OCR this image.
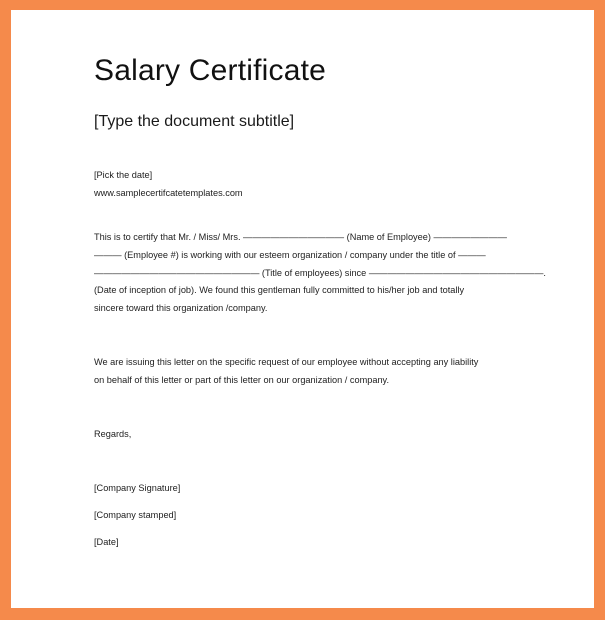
Salary Certificate
[Type the document subtitle]
[Pick the date]
www.samplecertifcatetemplates.com
This is to certify that Mr. / Miss/ Mrs. ——————————— (Name of Employee) ————————
——— (Employee #) is working with our esteem organization / company under the title of ———
—————————————————— (Title of employees) since ———————————————————.
(Date of inception of job). We found this gentleman fully committed to his/her job and totally
sincere toward this organization /company.
We are issuing this letter on the specific request of our employee without accepting any liability
on behalf of this letter or part of this letter on our organization / company.
Regards,
[Company Signature]
[Company stamped]
[Date]
